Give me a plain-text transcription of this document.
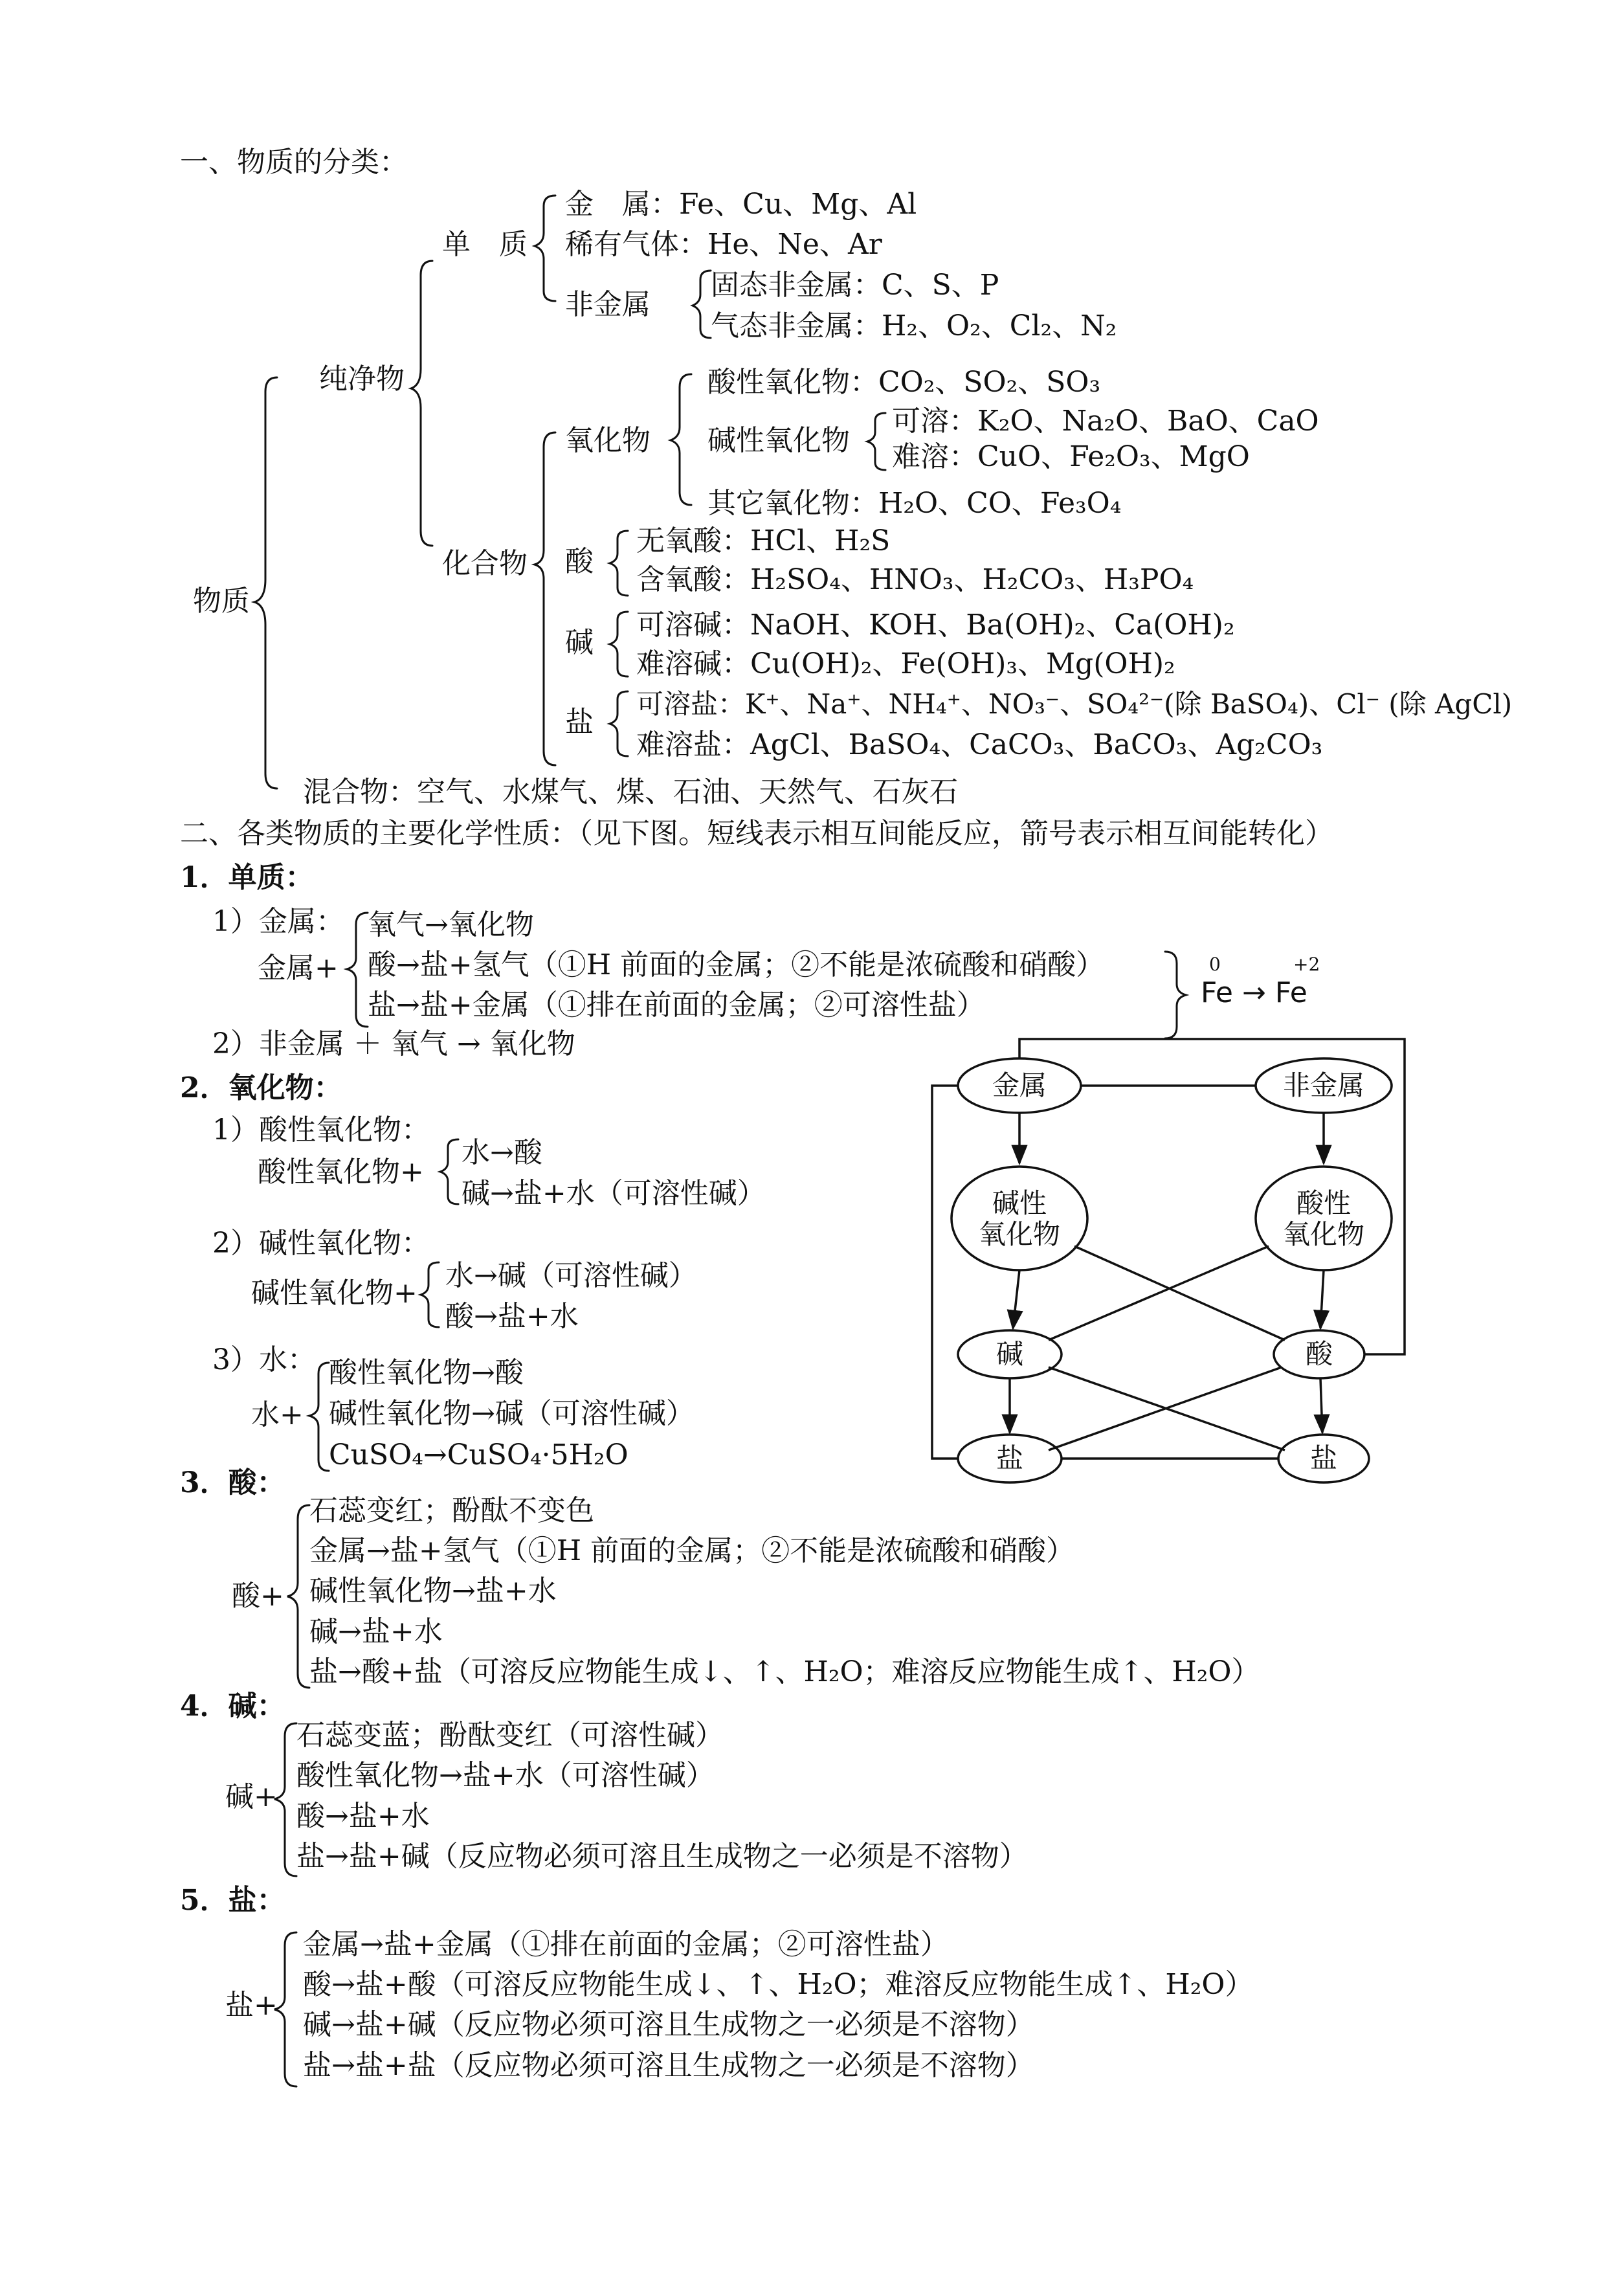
一、物质的分类：
物质
纯净物
混合物：空气、水煤气、煤、石油、天然气、石灰石
单　质
金　属：Fe、Cu、Mg、Al
稀有气体：He、Ne、Ar
非金属
固态非金属：C、S、P
气态非金属：H₂、O₂、Cl₂、N₂
化合物
氧化物
酸性氧化物：CO₂、SO₂、SO₃
碱性氧化物
可溶：K₂O、Na₂O、BaO、CaO
难溶：CuO、Fe₂O₃、MgO
其它氧化物：H₂O、CO、Fe₃O₄
酸
无氧酸：HCl、H₂S
含氧酸：H₂SO₄、HNO₃、H₂CO₃、H₃PO₄
碱
可溶碱：NaOH、KOH、Ba(OH)₂、Ca(OH)₂
难溶碱：Cu(OH)₂、Fe(OH)₃、Mg(OH)₂
盐
可溶盐：K⁺、Na⁺、NH₄⁺、NO₃⁻、SO₄²⁻(除 BaSO₄)、Cl⁻ (除 AgCl)
难溶盐：AgCl、BaSO₄、CaCO₃、BaCO₃、Ag₂CO₃
二、各类物质的主要化学性质：（见下图。短线表示相互间能反应，箭号表示相互间能转化）
1．单质：
1）金属：
金属+
氧气→氧化物
酸→盐+氢气（①H 前面的金属；②不能是浓硫酸和硝酸）
盐→盐+金属（①排在前面的金属；②可溶性盐）
0	+2
Fe → Fe
2）非金属 ＋ 氧气 → 氧化物
2．氧化物：
1）酸性氧化物：
酸性氧化物+
水→酸
碱→盐+水（可溶性碱）
2）碱性氧化物：
碱性氧化物+
水→碱（可溶性碱）
酸→盐+水
3）水：
水+
酸性氧化物→酸
碱性氧化物→碱（可溶性碱）
CuSO₄→CuSO₄·5H₂O
3．酸：
酸+
石蕊变红；酚酞不变色
金属→盐+氢气（①H 前面的金属；②不能是浓硫酸和硝酸）
碱性氧化物→盐+水
碱→盐+水
盐→酸+盐（可溶反应物能生成↓、↑、H₂O；难溶反应物能生成↑、H₂O）
4．碱：
碱+
石蕊变蓝；酚酞变红（可溶性碱）
酸性氧化物→盐+水（可溶性碱）
酸→盐+水
盐→盐+碱（反应物必须可溶且生成物之一必须是不溶物）
5．盐：
盐+
金属→盐+金属（①排在前面的金属；②可溶性盐）
酸→盐+酸（可溶反应物能生成↓、↑、H₂O；难溶反应物能生成↑、H₂O）
碱→盐+碱（反应物必须可溶且生成物之一必须是不溶物）
盐→盐+盐（反应物必须可溶且生成物之一必须是不溶物）
金属	非金属
碱性
氧化物
酸性
氧化物
碱	酸
盐	盐
